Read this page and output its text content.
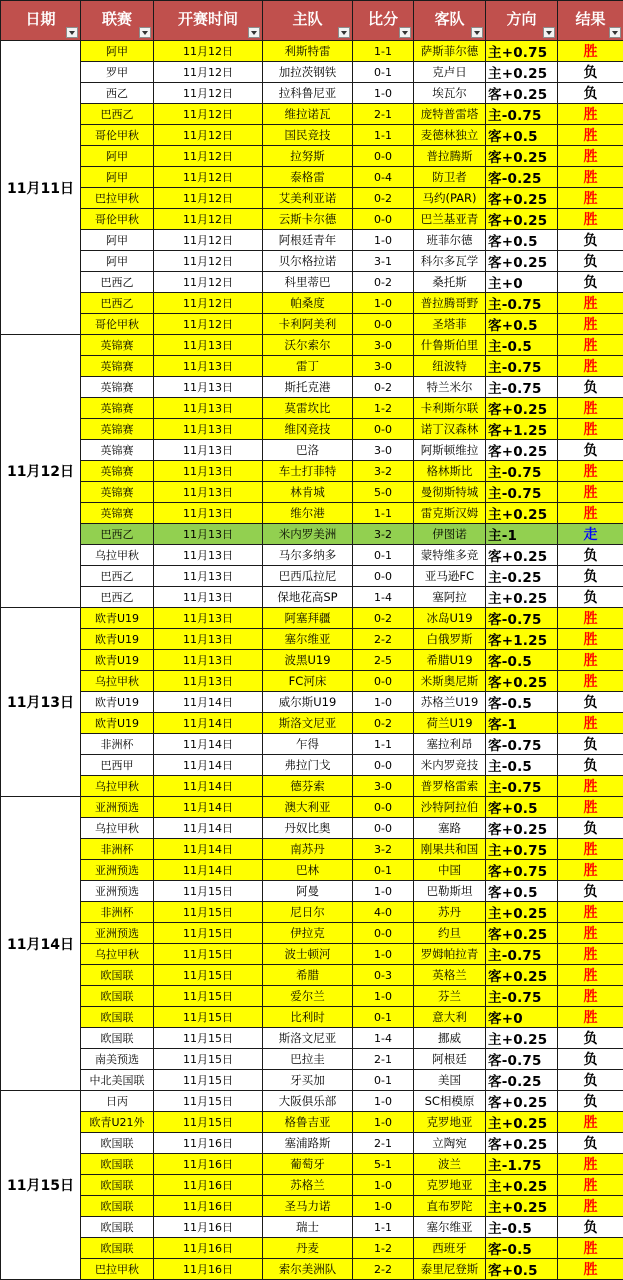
日期	联赛	开赛时间	主队	比分	客队	方向	结果

11月11日	阿甲	11月12日	利斯特雷	1-1	萨斯菲尔德	主+0.75	胜
	罗甲	11月12日	加拉茨钢铁	0-1	克卢日	主+0.25	负
	西乙	11月12日	拉科鲁尼亚	1-0	埃瓦尔	客+0.25	负
	巴西乙	11月12日	维拉诺瓦	2-1	庞特普雷塔	主-0.75	胜
	哥伦甲秋	11月12日	国民竞技	1-1	麦德林独立	客+0.5	胜
	阿甲	11月12日	拉努斯	0-0	普拉腾斯	客+0.25	胜
	阿甲	11月12日	泰格雷	0-4	防卫者	客-0.25	胜
	巴拉甲秋	11月12日	艾美利亚诺	0-2	马约(PAR)	客+0.25	胜
	哥伦甲秋	11月12日	云斯卡尔德	0-0	巴兰基亚青	客+0.25	胜
	阿甲	11月12日	阿根廷青年	1-0	班菲尔德	客+0.5	负
	阿甲	11月12日	贝尔格拉诺	3-1	科尔多瓦学	客+0.25	负
	巴西乙	11月12日	科里蒂巴	0-2	桑托斯	主+0	负
	巴西乙	11月12日	帕桑度	1-0	普拉腾哥野	主-0.75	胜
	哥伦甲秋	11月12日	卡利阿美利	0-0	圣塔菲	客+0.5	胜
11月12日	英锦赛	11月13日	沃尔索尔	3-0	什鲁斯伯里	主-0.5	胜
	英锦赛	11月13日	雷丁	3-0	纽波特	主-0.75	胜
	英锦赛	11月13日	斯托克港	0-2	特兰米尔	主-0.75	负
	英锦赛	11月13日	莫雷坎比	1-2	卡利斯尔联	客+0.25	胜
	英锦赛	11月13日	维冈竞技	0-0	诺丁汉森林	客+1.25	胜
	英锦赛	11月13日	巴洛	3-0	阿斯顿维拉	客+0.25	负
	英锦赛	11月13日	车士打菲特	3-2	格林斯比	主-0.75	胜
	英锦赛	11月13日	林肯城	5-0	曼彻斯特城	主-0.75	胜
	英锦赛	11月13日	维尔港	1-1	雷克斯汉姆	主+0.25	胜
	巴西乙	11月13日	米内罗美洲	3-2	伊图诺	主-1	走
	乌拉甲秋	11月13日	马尔多纳多	0-1	蒙特维多竞	客+0.25	负
	巴西乙	11月13日	巴西瓜拉尼	0-0	亚马逊FC	主-0.25	负
	巴西乙	11月13日	保地花高SP	1-4	塞阿拉	主+0.25	负
11月13日	欧青U19	11月13日	阿塞拜疆	0-2	冰岛U19	客-0.75	胜
	欧青U19	11月13日	塞尔维亚	2-2	白俄罗斯	客+1.25	胜
	欧青U19	11月13日	波黑U19	2-5	希腊U19	客-0.5	胜
	乌拉甲秋	11月13日	FC河床	0-0	米斯奥尼斯	客+0.25	胜
	欧青U19	11月14日	威尔斯U19	1-0	苏格兰U19	客-0.5	负
	欧青U19	11月14日	斯洛文尼亚	0-2	荷兰U19	客-1	胜
	非洲杯	11月14日	乍得	1-1	塞拉利昂	客-0.75	负
	巴西甲	11月14日	弗拉门戈	0-0	米内罗竞技	主-0.5	负
	乌拉甲秋	11月14日	德芬索	3-0	普罗格雷索	主-0.75	胜
11月14日	亚洲预选	11月14日	澳大利亚	0-0	沙特阿拉伯	客+0.5	胜
	乌拉甲秋	11月14日	丹奴比奥	0-0	塞路	客+0.25	负
	非洲杯	11月14日	南苏丹	3-2	刚果共和国	主+0.75	胜
	亚洲预选	11月14日	巴林	0-1	中国	客+0.75	胜
	亚洲预选	11月15日	阿曼	1-0	巴勒斯坦	客+0.5	负
	非洲杯	11月15日	尼日尔	4-0	苏丹	主+0.25	胜
	亚洲预选	11月15日	伊拉克	0-0	约旦	客+0.25	胜
	乌拉甲秋	11月15日	波士顿河	1-0	罗姆帕拉青	主-0.75	胜
	欧国联	11月15日	希腊	0-3	英格兰	客+0.25	胜
	欧国联	11月15日	爱尔兰	1-0	芬兰	主-0.75	胜
	欧国联	11月15日	比利时	0-1	意大利	客+0	胜
	欧国联	11月15日	斯洛文尼亚	1-4	挪威	主+0.25	负
	南美预选	11月15日	巴拉圭	2-1	阿根廷	客-0.75	负
	中北美国联	11月15日	牙买加	0-1	美国	客-0.25	负
11月15日	日丙	11月15日	大阪俱乐部	1-0	SC相模原	客+0.25	负
	欧青U21外	11月15日	格鲁吉亚	1-0	克罗地亚	主+0.25	胜
	欧国联	11月16日	塞浦路斯	2-1	立陶宛	客+0.25	负
	欧国联	11月16日	葡萄牙	5-1	波兰	主-1.75	胜
	欧国联	11月16日	苏格兰	1-0	克罗地亚	主+0.25	胜
	欧国联	11月16日	圣马力诺	1-0	直布罗陀	主+0.25	胜
	欧国联	11月16日	瑞士	1-1	塞尔维亚	主-0.5	负
	欧国联	11月16日	丹麦	1-2	西班牙	客-0.5	胜
	巴拉甲秋	11月16日	索尔美洲队	2-2	泰里尼登斯	客+0.5	胜
